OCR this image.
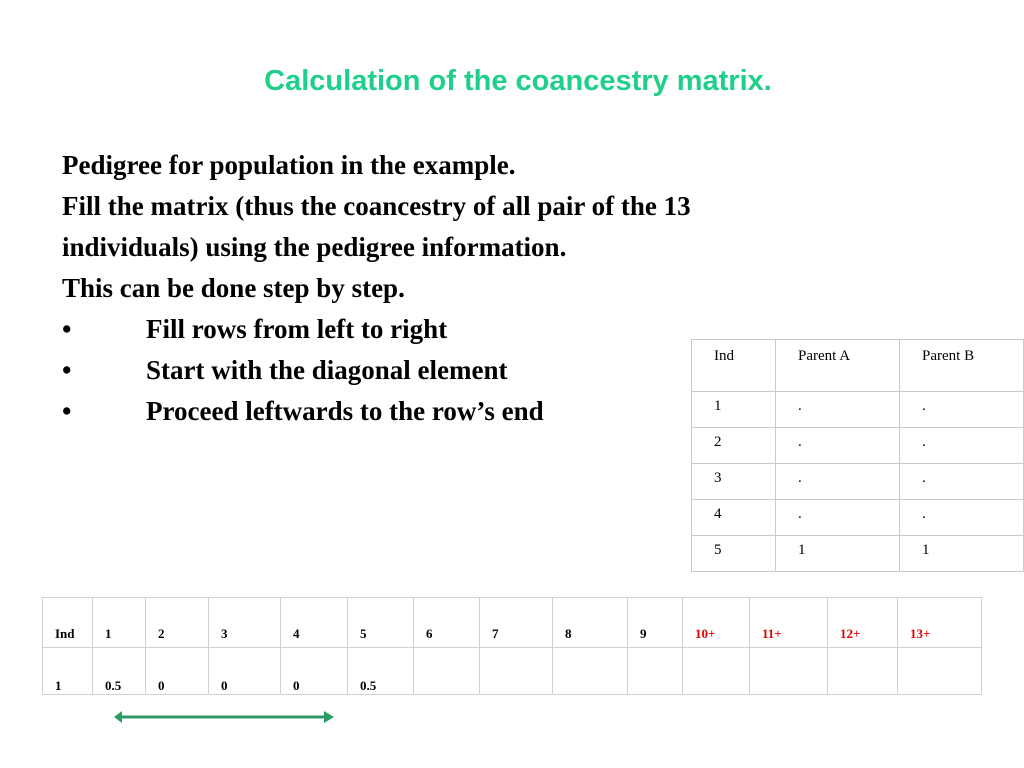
Calculation of the coancestry matrix.
Pedigree for population in the example.
Fill the matrix (thus the coancestry of all pair of the 13
individuals) using the pedigree information.
This can be done step by step.
•	Fill rows from left to right
•	Start with the diagonal element
•	Proceed leftwards to the row’s end
Ind	Parent A	Parent B
1	.	.
2	.	.
3	.	.
4	.	.
5	1	1
Ind	1	2	3	4	5	6	7	8	9	10+	11+	12+	13+
1	0.5	0	0	0	0.5								
